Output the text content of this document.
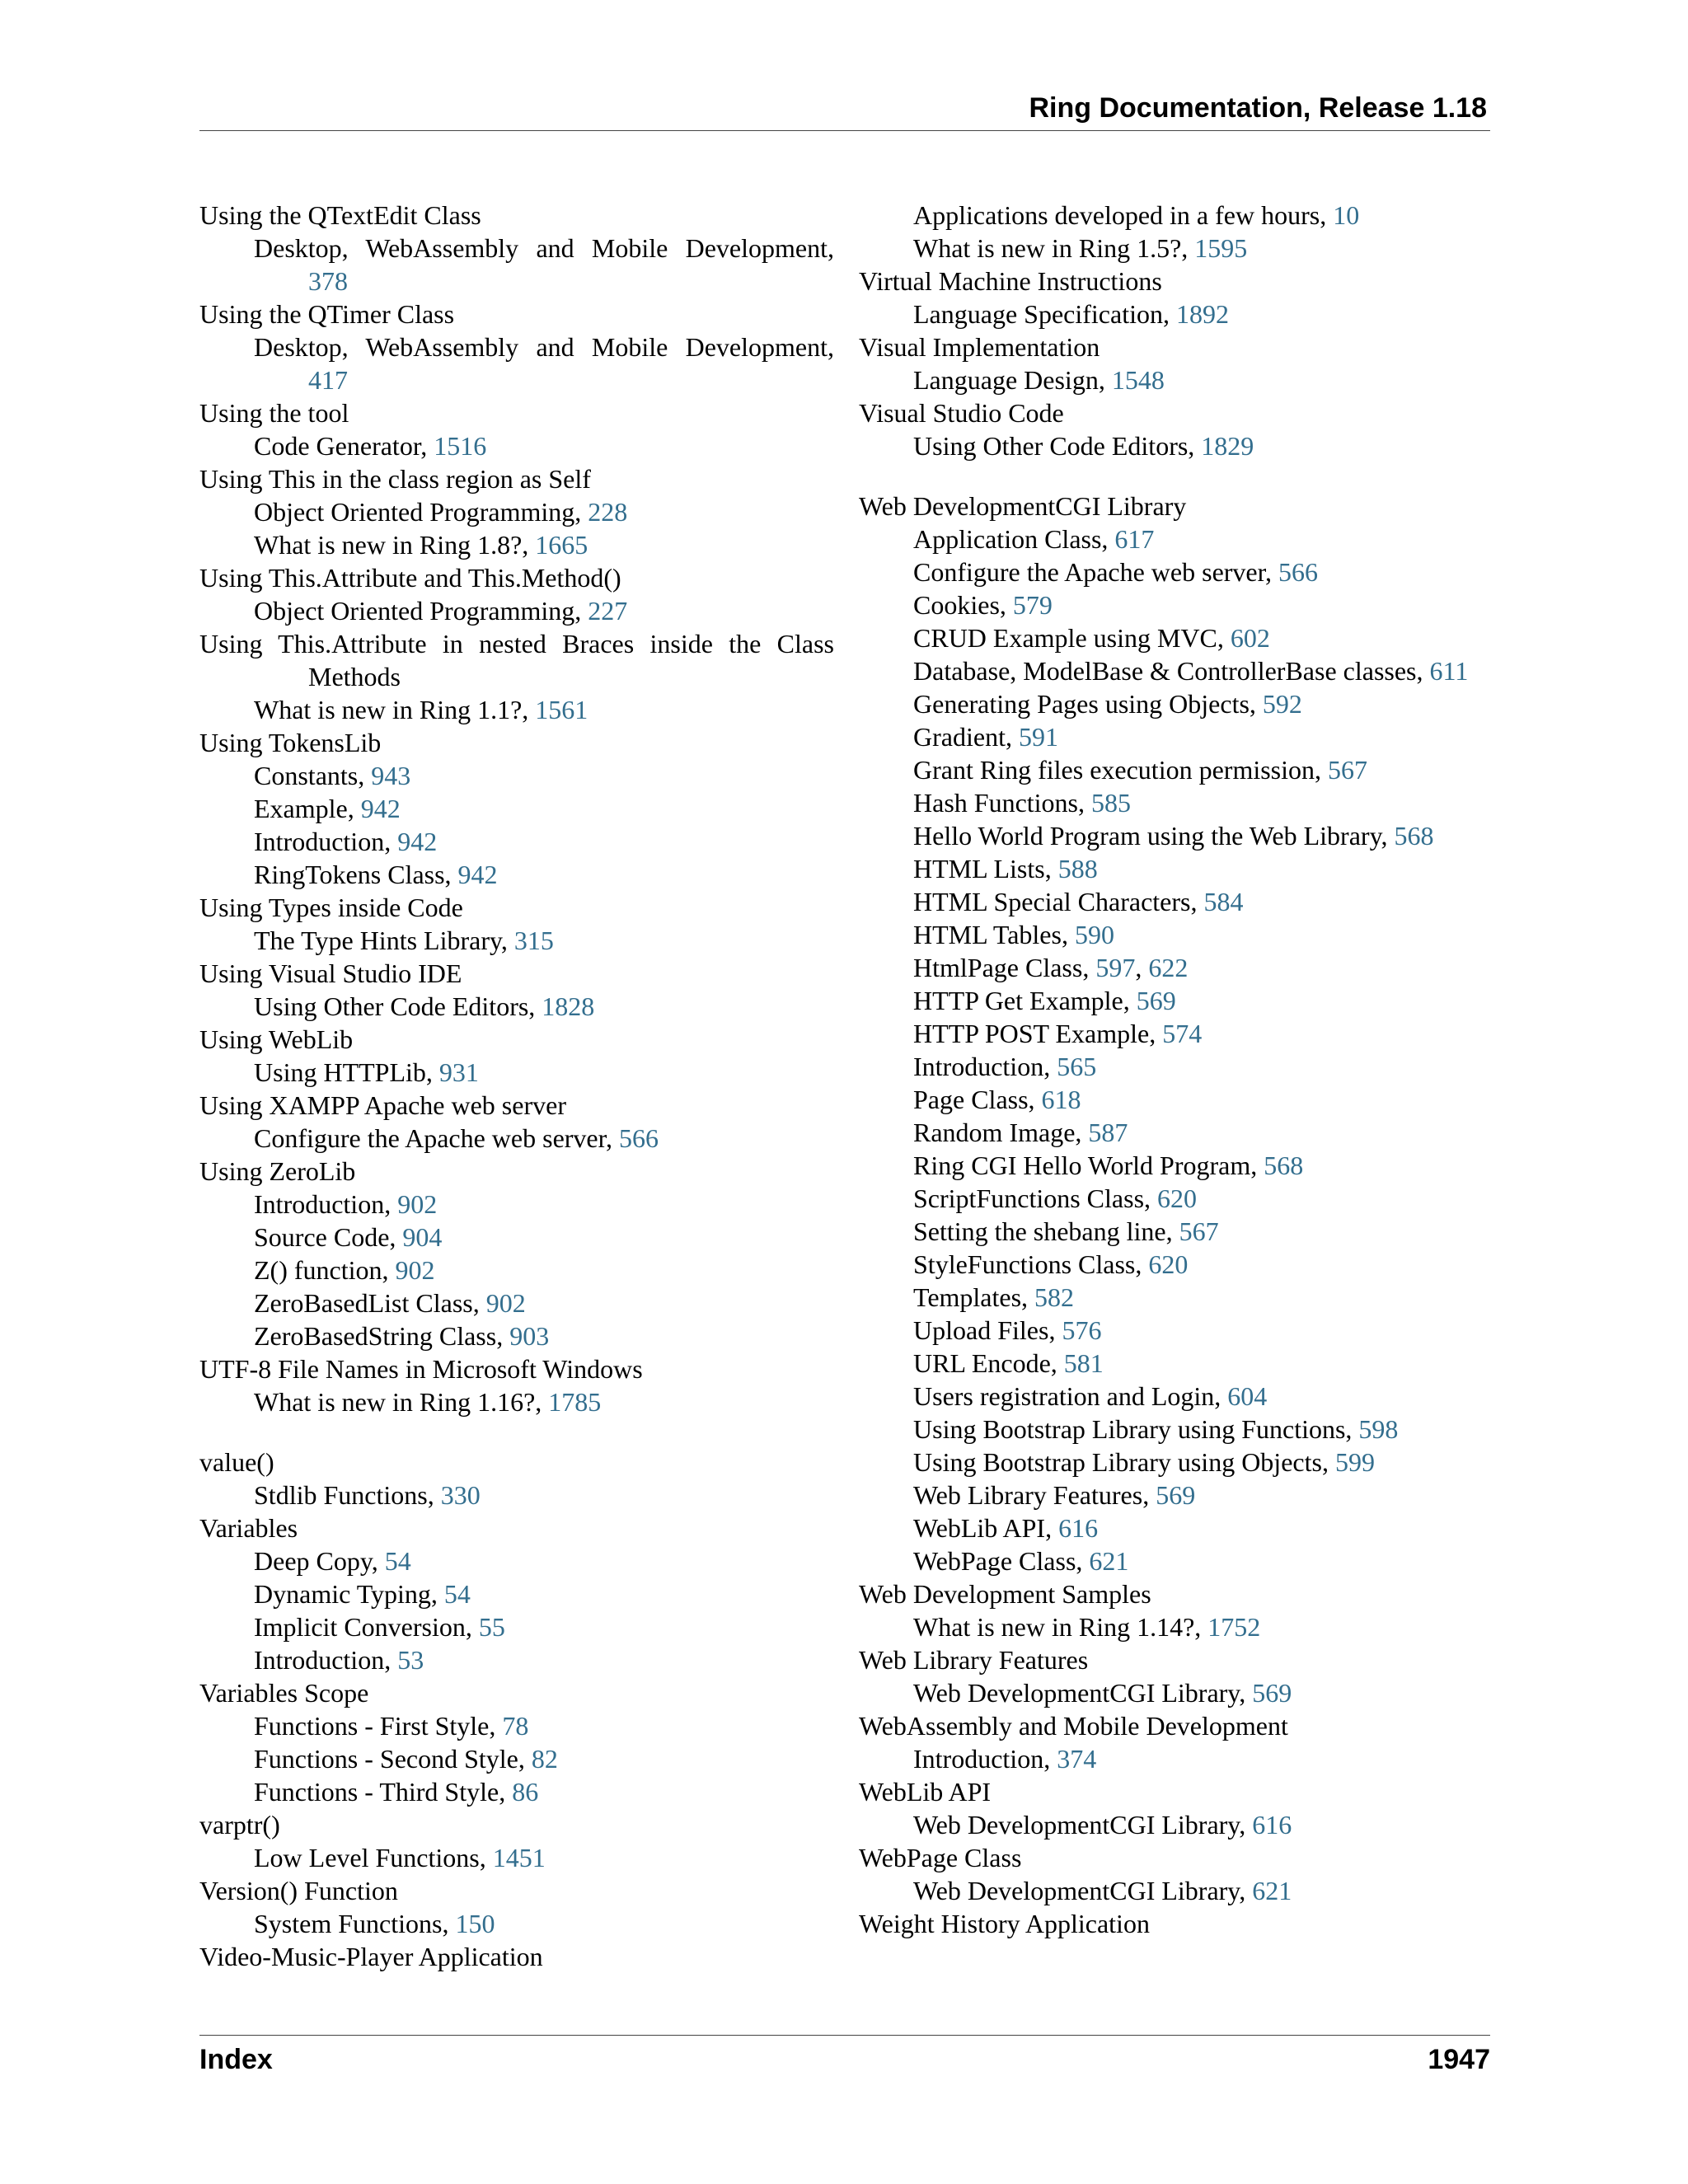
Ring Documentation, Release 1.18
Using the QTextEdit Class
Desktop, WebAssembly and Mobile Development,
378
Using the QTimer Class
Desktop, WebAssembly and Mobile Development,
417
Using the tool
Code Generator, 1516
Using This in the class region as Self
Object Oriented Programming, 228
What is new in Ring 1.8?, 1665
Using This.Attribute and This.Method()
Object Oriented Programming, 227
Using This.Attribute in nested Braces inside the Class
Methods
What is new in Ring 1.1?, 1561
Using TokensLib
Constants, 943
Example, 942
Introduction, 942
RingTokens Class, 942
Using Types inside Code
The Type Hints Library, 315
Using Visual Studio IDE
Using Other Code Editors, 1828
Using WebLib
Using HTTPLib, 931
Using XAMPP Apache web server
Configure the Apache web server, 566
Using ZeroLib
Introduction, 902
Source Code, 904
Z() function, 902
ZeroBasedList Class, 902
ZeroBasedString Class, 903
UTF-8 File Names in Microsoft Windows
What is new in Ring 1.16?, 1785
value()
Stdlib Functions, 330
Variables
Deep Copy, 54
Dynamic Typing, 54
Implicit Conversion, 55
Introduction, 53
Variables Scope
Functions - First Style, 78
Functions - Second Style, 82
Functions - Third Style, 86
varptr()
Low Level Functions, 1451
Version() Function
System Functions, 150
Video-Music-Player Application
Applications developed in a few hours, 10
What is new in Ring 1.5?, 1595
Virtual Machine Instructions
Language Specification, 1892
Visual Implementation
Language Design, 1548
Visual Studio Code
Using Other Code Editors, 1829
Web DevelopmentCGI Library
Application Class, 617
Configure the Apache web server, 566
Cookies, 579
CRUD Example using MVC, 602
Database, ModelBase & ControllerBase classes, 611
Generating Pages using Objects, 592
Gradient, 591
Grant Ring files execution permission, 567
Hash Functions, 585
Hello World Program using the Web Library, 568
HTML Lists, 588
HTML Special Characters, 584
HTML Tables, 590
HtmlPage Class, 597, 622
HTTP Get Example, 569
HTTP POST Example, 574
Introduction, 565
Page Class, 618
Random Image, 587
Ring CGI Hello World Program, 568
ScriptFunctions Class, 620
Setting the shebang line, 567
StyleFunctions Class, 620
Templates, 582
Upload Files, 576
URL Encode, 581
Users registration and Login, 604
Using Bootstrap Library using Functions, 598
Using Bootstrap Library using Objects, 599
Web Library Features, 569
WebLib API, 616
WebPage Class, 621
Web Development Samples
What is new in Ring 1.14?, 1752
Web Library Features
Web DevelopmentCGI Library, 569
WebAssembly and Mobile Development
Introduction, 374
WebLib API
Web DevelopmentCGI Library, 616
WebPage Class
Web DevelopmentCGI Library, 621
Weight History Application
Index	1947
